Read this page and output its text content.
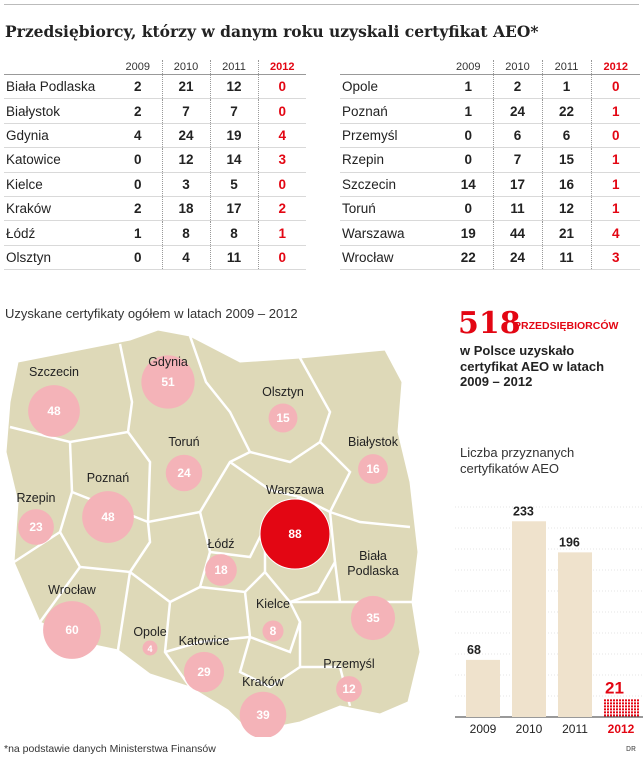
Przedsiębiorcy, którzy w danym roku uzyskali certyfikat AEO*
	2009	2010	2011	2012
Biała Podlaska	2	21	12	0
Białystok	2	7	7	0
Gdynia	4	24	19	4
Katowice	0	12	14	3
Kielce	0	3	5	0
Kraków	2	18	17	2
Łódź	1	8	8	1
Olsztyn	0	4	11	0
	2009	2010	2011	2012
Opole	1	2	1	0
Poznań	1	24	22	1
Przemyśl	0	6	6	0
Rzepin	0	7	15	1
Szczecin	14	17	16	1
Toruń	0	11	12	1
Warszawa	19	44	21	4
Wrocław	22	24	11	3
Uzyskane certyfikaty ogółem w latach 2009 – 2012
51
Gdynia
48
Szczecin
15
Olsztyn
24
Toruń
16
Białystok
48
Poznań
23
Rzepin
88
Warszawa
18
Łódź
60
Wrocław
35
Biała Podlaska
4
Opole	8
Kielce
29
Katowice
39
Kraków	12
Przemyśl
518
PRZEDSIĘBIORCÓW
w Polsce uzyskało certyfikat AEO w latach 2009 – 2012
Liczba przyznanych certyfikatów AEO
68
2009
233
2010
196
2011
21
2012
*na podstawie danych Ministerstwa Finansów	ᴅʀ
